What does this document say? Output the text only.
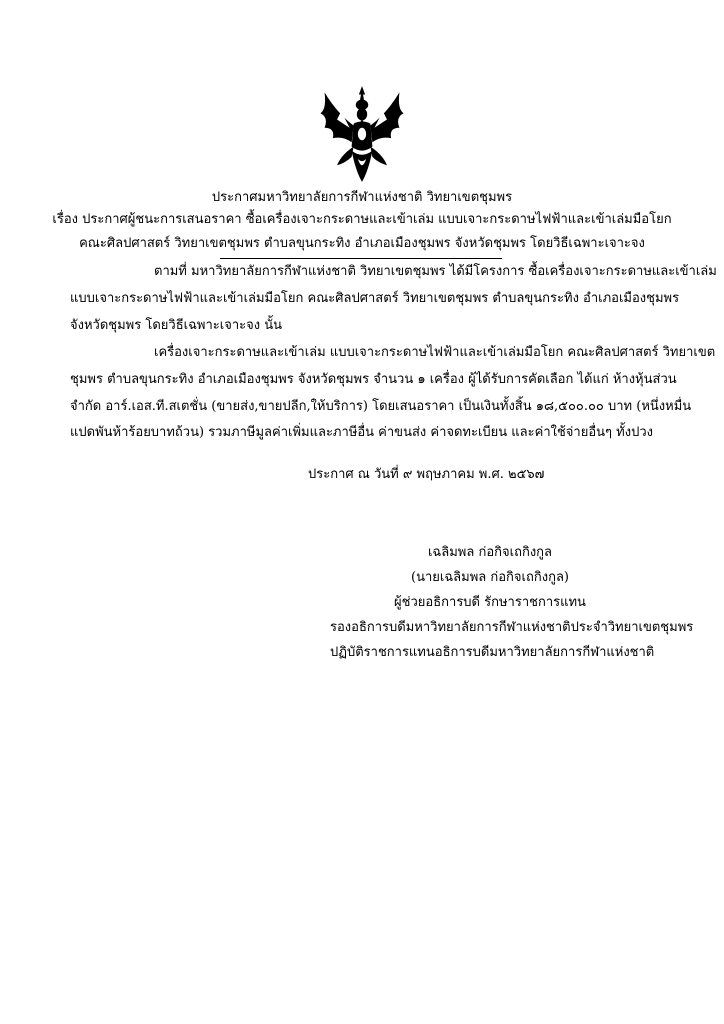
ประกาศมหาวิทยาลัยการกีฬาแห่งชาติ วิทยาเขตชุมพร
เรื่อง ประกาศผู้ชนะการเสนอราคา ซื้อเครื่องเจาะกระดาษและเข้าเล่ม แบบเจาะกระดาษไฟฟ้าและเข้าเล่มมือโยก
คณะศิลปศาสตร์ วิทยาเขตชุมพร ตำบลขุนกระทิง อำเภอเมืองชุมพร จังหวัดชุมพร โดยวิธีเฉพาะเจาะจง
ตามที่ มหาวิทยาลัยการกีฬาแห่งชาติ วิทยาเขตชุมพร ได้มีโครงการ ซื้อเครื่องเจาะกระดาษและเข้าเล่ม
แบบเจาะกระดาษไฟฟ้าและเข้าเล่มมือโยก คณะศิลปศาสตร์ วิทยาเขตชุมพร ตำบลขุนกระทิง อำเภอเมืองชุมพร
จังหวัดชุมพร โดยวิธีเฉพาะเจาะจง นั้น
เครื่องเจาะกระดาษและเข้าเล่ม แบบเจาะกระดาษไฟฟ้าและเข้าเล่มมือโยก คณะศิลปศาสตร์ วิทยาเขต
ชุมพร ตำบลขุนกระทิง อำเภอเมืองชุมพร จังหวัดชุมพร จำนวน ๑ เครื่อง ผู้ได้รับการคัดเลือก ได้แก่ ห้างหุ้นส่วน
จำกัด อาร์.เอส.ที.สเตชั่น (ขายส่ง,ขายปลีก,ให้บริการ) โดยเสนอราคา เป็นเงินทั้งสิ้น ๑๘,๕๐๐.๐๐ บาท (หนึ่งหมื่น
แปดพันห้าร้อยบาทถ้วน) รวมภาษีมูลค่าเพิ่มและภาษีอื่น ค่าขนส่ง ค่าจดทะเบียน และค่าใช้จ่ายอื่นๆ ทั้งปวง
ประกาศ ณ วันที่ ๙ พฤษภาคม พ.ศ. ๒๕๖๗
เฉลิมพล ก่อกิจเถกิงกูล
(นายเฉลิมพล ก่อกิจเถกิงกูล)
ผู้ช่วยอธิการบดี รักษาราชการแทน
รองอธิการบดีมหาวิทยาลัยการกีฬาแห่งชาติประจำวิทยาเขตชุมพร
ปฏิบัติราชการแทนอธิการบดีมหาวิทยาลัยการกีฬาแห่งชาติ
